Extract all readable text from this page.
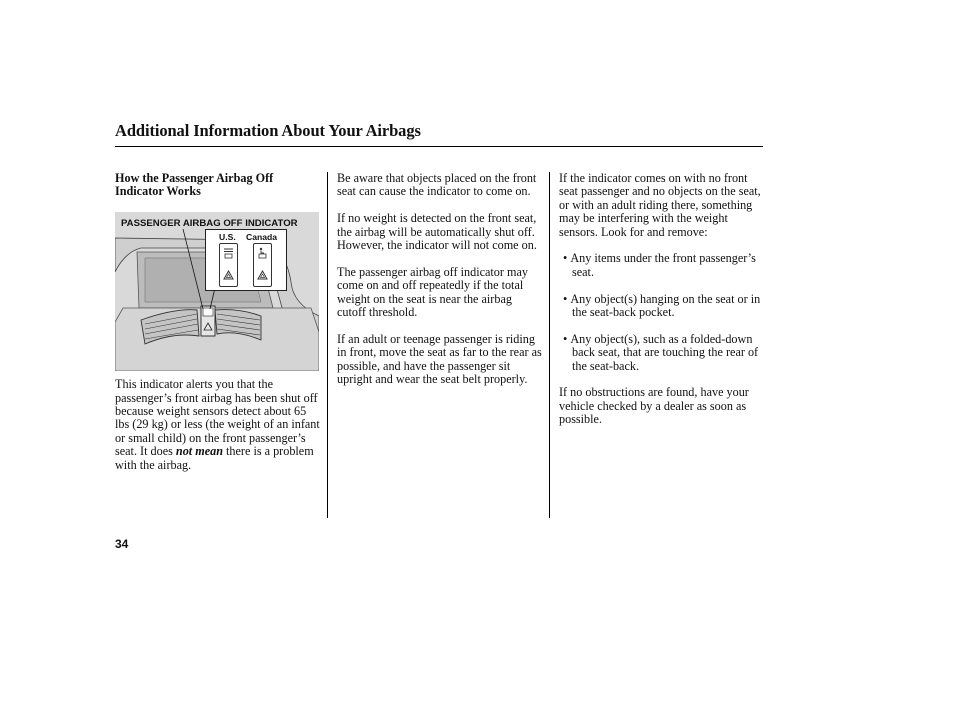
Additional Information About Your Airbags

How the Passenger Airbag Off
Indicator Works

PASSENGER AIRBAG OFF INDICATOR
U.S. Canada

This indicator alerts you that the passenger’s front airbag has been shut off because weight sensors detect about 65 lbs (29 kg) or less (the weight of an infant or small child) on the front passenger’s seat. It does not mean there is a problem with the airbag.

Be aware that objects placed on the front seat can cause the indicator to come on.

If no weight is detected on the front seat, the airbag will be automatically shut off. However, the indicator will not come on.

The passenger airbag off indicator may come on and off repeatedly if the total weight on the seat is near the airbag cutoff threshold.

If an adult or teenage passenger is riding in front, move the seat as far to the rear as possible, and have the passenger sit upright and wear the seat belt properly.

If the indicator comes on with no front seat passenger and no objects on the seat, or with an adult riding there, something may be interfering with the weight sensors. Look for and remove:

• Any items under the front passenger’s seat.

• Any object(s) hanging on the seat or in the seat-back pocket.

• Any object(s), such as a folded-down back seat, that are touching the rear of the seat-back.

If no obstructions are found, have your vehicle checked by a dealer as soon as possible.

34
